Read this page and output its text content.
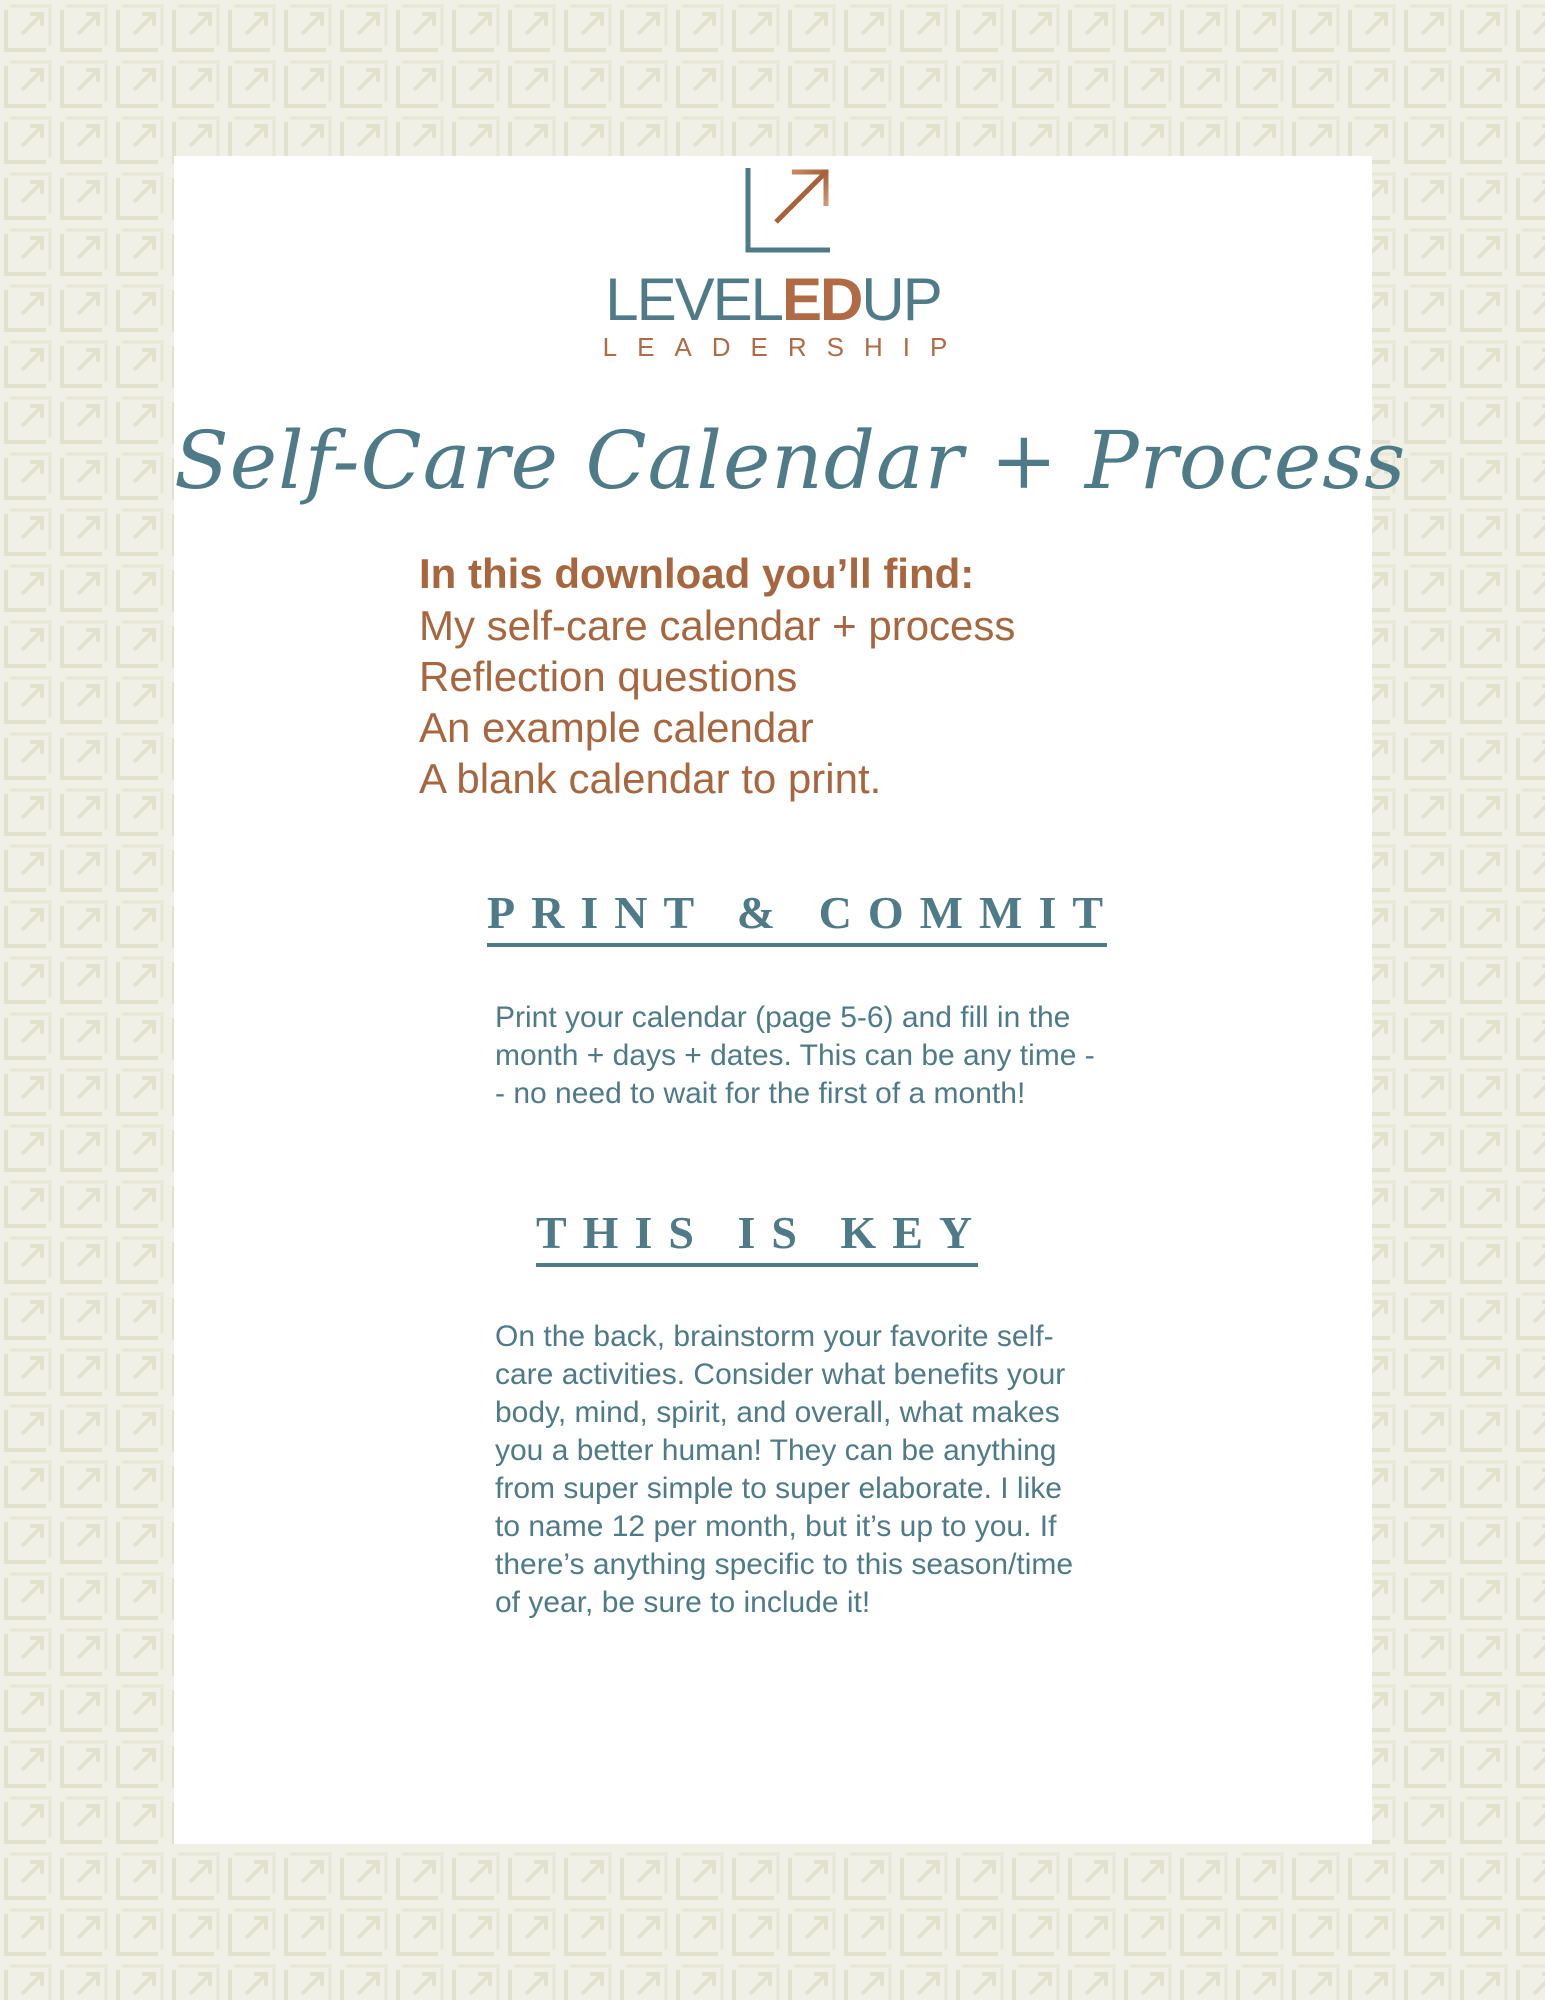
LEVELEDUP
LEADERSHIP
Self-Care Calendar + Process
In this download you’ll find:
My self-care calendar + process
Reflection questions
An example calendar
A blank calendar to print.
PRINT & COMMIT
Print your calendar (page 5-6) and fill in the month + days + dates. This can be any time -- no need to wait for the first of a month!
THIS IS KEY
On the back, brainstorm your favorite self-care activities. Consider what benefits your body, mind, spirit, and overall, what makes you a better human! They can be anything from super simple to super elaborate. I like to name 12 per month, but it’s up to you. If there’s anything specific to this season/time of year, be sure to include it!
